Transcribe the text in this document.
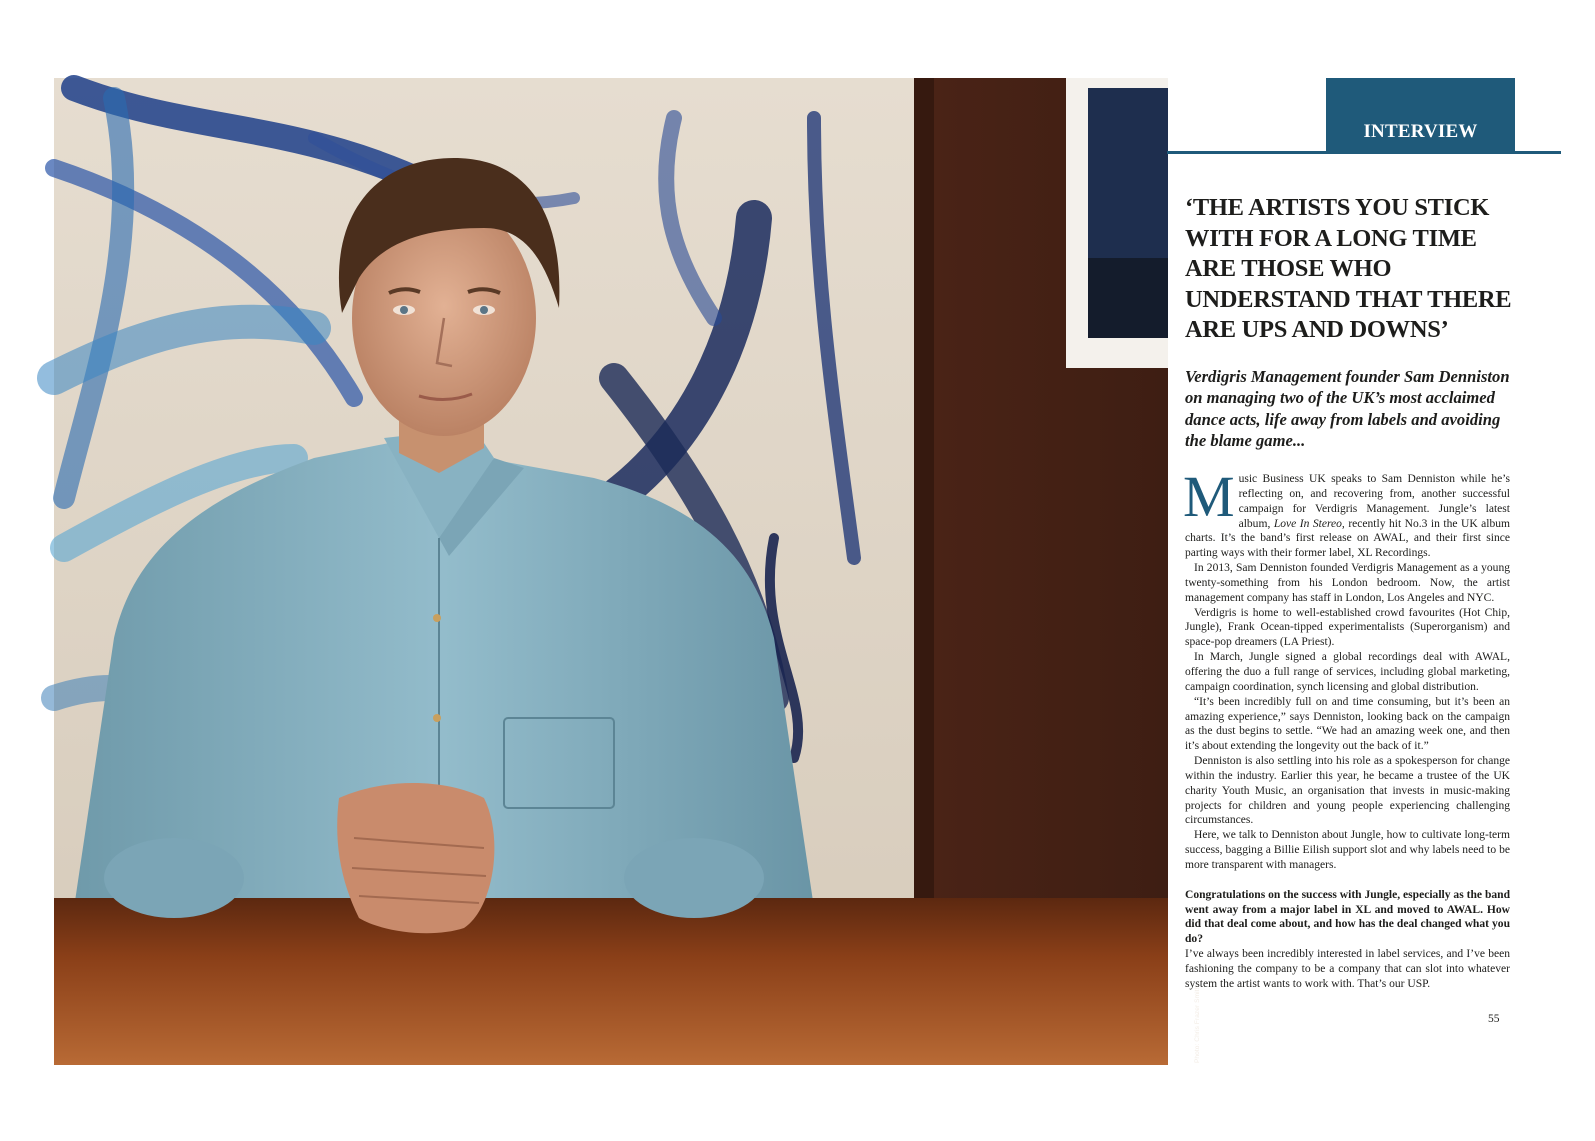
Photo: Chris Frazer Smith
INTERVIEW
‘THE ARTISTS YOU STICK WITH FOR A LONG TIME ARE THOSE WHO UNDERSTAND THAT THERE ARE UPS AND DOWNS’

Verdigris Management founder Sam Denniston on managing two of the UK’s most acclaimed dance acts, life away from labels and avoiding the blame game...

Music Business UK speaks to Sam Denniston while he’s reflecting on, and recovering from, another successful campaign for Verdigris Management. Jungle’s latest album, Love In Stereo, recently hit No.3 in the UK album charts. It’s the band’s first release on AWAL, and their first since parting ways with their former label, XL Recordings.

In 2013, Sam Denniston founded Verdigris Management as a young twenty-something from his London bedroom. Now, the artist management company has staff in London, Los Angeles and NYC.

Verdigris is home to well-established crowd favourites (Hot Chip, Jungle), Frank Ocean-tipped experimentalists (Superorganism) and space-pop dreamers (LA Priest).

In March, Jungle signed a global recordings deal with AWAL, offering the duo a full range of services, including global marketing, campaign coordination, synch licensing and global distribution.

“It’s been incredibly full on and time consuming, but it’s been an amazing experience,” says Denniston, looking back on the campaign as the dust begins to settle. “We had an amazing week one, and then it’s about extending the longevity out the back of it.”

Denniston is also settling into his role as a spokesperson for change within the industry. Earlier this year, he became a trustee of the UK charity Youth Music, an organisation that invests in music-making projects for children and young people experiencing challenging circumstances.

Here, we talk to Denniston about Jungle, how to cultivate long-term success, bagging a Billie Eilish support slot and why labels need to be more transparent with managers.

Congratulations on the success with Jungle, especially as the band went away from a major label in XL and moved to AWAL. How did that deal come about, and how has the deal changed what you do?

I’ve always been incredibly interested in label services, and I’ve been fashioning the company to be a company that can slot into whatever system the artist wants to work with. That’s our USP.

55
